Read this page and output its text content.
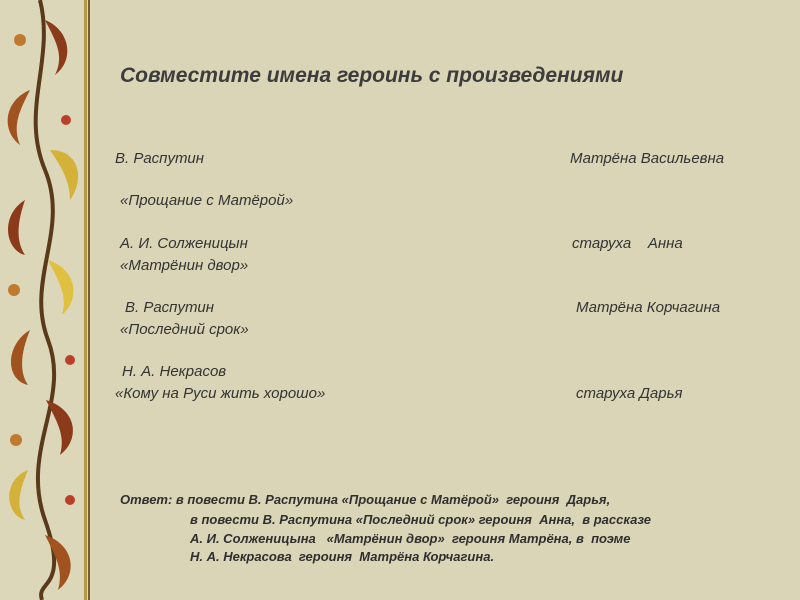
Совместите имена героинь с произведениями
В. Распутин
«Прощание с Матёрой»
А. И. Солженицын
«Матрёнин двор»
В. Распутин
«Последний срок»
Н. А. Некрасов
«Кому на Руси жить хорошо»
Матрёна Васильевна
старуха    Анна
Матрёна Корчагина
старуха Дарья
Ответ: в повести В. Распутина «Прощание с Матёрой»  героиня  Дарья,
в повести В. Распутина «Последний срок» героиня  Анна,  в рассказе
А. И. Солженицына   «Матрёнин двор»  героиня Матрёна, в  поэме
Н. А. Некрасова  героиня  Матрёна Корчагина.
